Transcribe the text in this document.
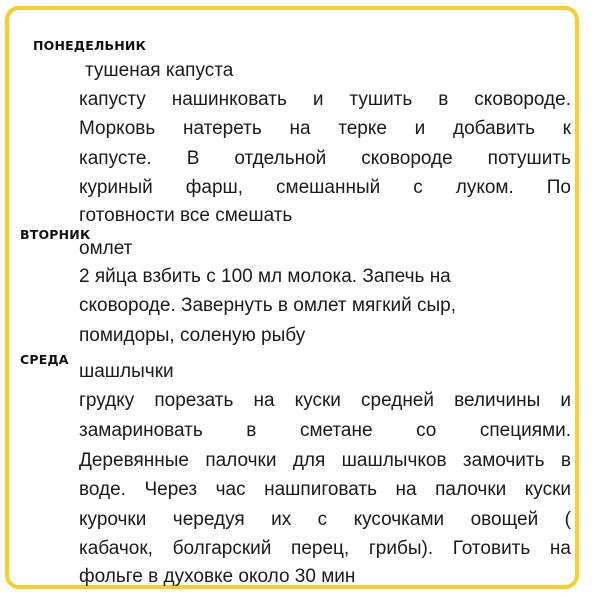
ПОНЕДЕЛЬНИК
тушеная капуста
капусту нашинковать и тушить в сковороде.
Морковь натереть на терке и добавить к
капусте. В отдельной сковороде потушить
куриный фарш, смешанный с луком. По
готовности все смешать
ВТОРНИК
омлет
2 яйца взбить с 100 мл молока. Запечь на
сковороде. Завернуть в омлет мягкий сыр,
помидоры, соленую рыбу
СРЕДА
шашлычки
грудку порезать на куски средней величины и
замариновать в сметане со специями.
Деревянные палочки для шашлычков замочить в
воде. Через час нашпиговать на палочки куски
курочки чередуя их с кусочками овощей (
кабачок, болгарский перец, грибы). Готовить на
фольге в духовке около 30 мин
